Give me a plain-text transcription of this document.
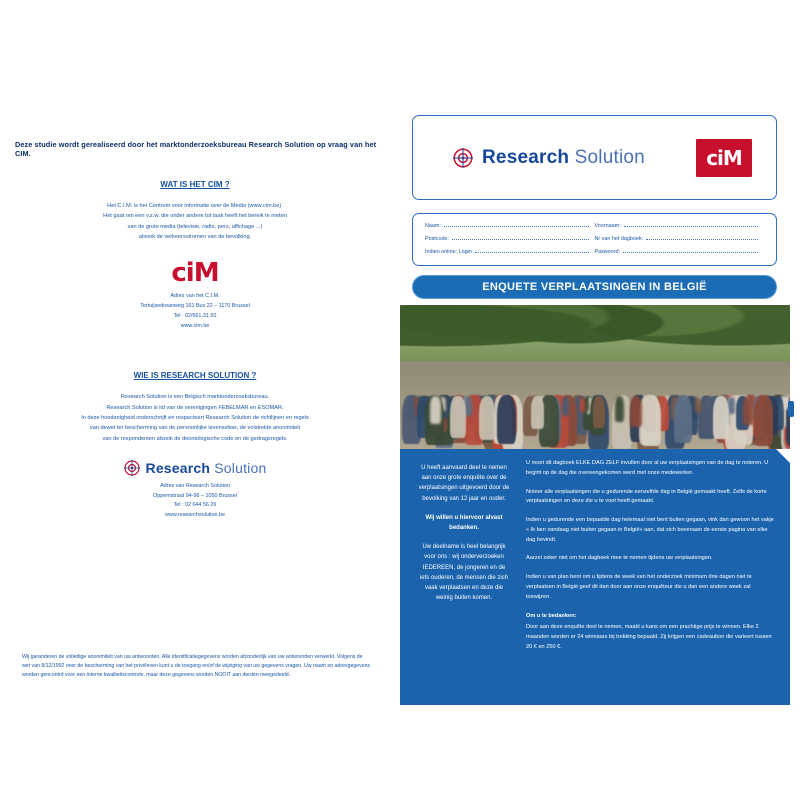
Deze studie wordt gerealiseerd door het marktonderzoeksbureau Research Solution op vraag van het CIM.
WAT IS HET CIM ?
Het C.I.M. is het Centrum voor Informatie over de Media (www.cim.be).
Het gaat om een v.z.w. die onder andere tot taak heeft het bereik te meten
van de grote media (televisie, radio, pers, affichage ...)
alsook de verkeersstromen van de bevolking.
ciM
Adres van het C.I.M.
Tertuijsedreanweg 161 Bus 22 – 1170 Brussel
Tel : 02/661.31.50
www.cim.be
WIE IS RESEARCH SOLUTION ?
Research Solution is een Belgisch marktonderzoeksbureau.
Research Solution is lid van de verenigingen FEBELMAR en ESOMAR.
In deze hoedanigheid onderschrijft en respecteert Research Solution de richtlijnen en regels
van dewet ter bescherming van de persoonlijke levenssfeer, de volstrekte anonimiteit
van de respondenten alsook de deontologische code en de gedragsregels.
Research Solution
Adres van Research Solution
Oppemstraat 94-96 – 1050 Brussel
Tel : 02 644 56 26
www.researchsolution.be
Wij garanderen de volledige anonimiteit van uw antwoorden. Alle identificatiegegevens worden afzonderlijk van uw antwoorden verwerkt. Volgens de wet van 8/12/1992 over de bescherming van het privéleven kunt u de toegang en/of de wijziging van uw gegevens vragen. Uw naam en adresgegevens worden gencontrd voor een interne kwaliteitscontrole, maar deze gegevens worden NOOIT aan derden meegedeeld.
Research Solution	ciM
Naam:	Voornaam:
Postcode:	Nr van het dagboek:
Indien online: Login	Paswoord:
ENQUETE VERPLAATSINGEN IN BELGIË
U heeft aanvaard deel te nemen aan onze grote enquête over de verplaatsingen uitgevoerd door de bevolking van 12 jaar en ouder.
Wij willen u hiervoor alvast bedanken.
Uw deelname is heel belangrijk voor ons : wij onderverzoeken IEDEREEN, de jongeren en de iets ouderen, de mensen die zich vaak verplaatsen en deze die weinig buiten komen.

U moet dit dagboek ELKE DAG ZELF invullen door al uw verplaatsingen van de dag te noteren. U begint op de dag die overeengekomen werd met onze medewerker.

Noteer alle verplaatsingen die u gedurende eenzelfde dag in België gemaakt heeft. Zelfs de korte verplaatsingen en deze die u te voet heeft gemaakt.

Indien u gedurende een bepaalde dag helemaal niet bent buiten gegaan, vink dan gewoon het vakje « Ik ben vandaag niet buiten gegaan in België» aan, dat zich bovenaan de eerste pagina van elke dag bevindt.

Aarzel zeker niet om het dagboek mee te nemen tijdens uw verplaatsingen.

Indien u van plan bent om u tijdens de week van het onderzoek minimum drie dagen niet te verplaatsen in België geef dit dan door aan onze enquêteur die u dan een andere week zal toewijzen.

Om u te bedanken:

Door aan deze enquête deel te nemen, maakt u kans om een prachtige prijs te winnen. Elke 2 maanden worden er 24 winnaars bij trekking bepaald. Zij krijgen een cadeaubon die varieert tussen 20 € en 250 €.
